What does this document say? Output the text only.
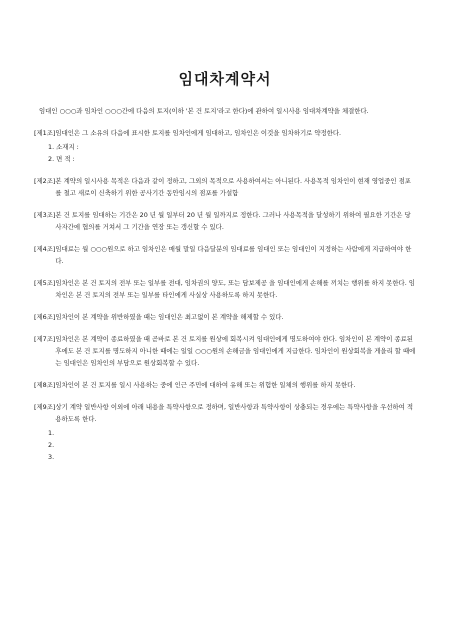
임대차계약서
임대인 ○○○과 임차인 ○○○간에 다음의 토지(이하 '본 건 토지'라고 한다)에 관하여 일시사용 임대차계약을 체결한다.
[제1조] 임대인은 그 소유의 다음에 표시한 토지를 임차인에게 임대하고, 임차인은 이것을 임차하기로 약정한다.
1. 소재지 :
2. 면 적 :
[제2조] 본 계약의 일시사용 목적은 다음과 같이 정하고, 그외의 목적으로 사용하여서는 아니된다. 사용목적 임차인이 현재 영업중인 점포를 철고 새로이 신축하기 위한 공사기간 동안임시의 점포를 가설함
[제3조] 본 건 토지를 임대하는 기간은 20 년 월 일부터 20 년 월 일까지로 정한다. 그러나 사용목적을 달성하기 위하여 필요한 기간은 당사자간에 협의를 거쳐서 그 기간을 연장 또는 갱신할 수 있다.
[제4조] 임대료는 월 ○○○원으로 하고 임차인은 매월 말일 다음달분의 임대료를 임대인 또는 임대인이 지정하는 사람에게 지급하여야 한다.
[제5조] 임차인은 본 건 토지의 전부 또는 일부를 전대, 임차권의 양도, 또는 담보제공 을 임대인에게 손해를 끼치는 행위를 하지 못한다. 임차인은 본 건 토지의 전부 또는 일부를 타인에게 사실상 사용하도록 하지 못한다.
[제6조] 임차인이 본 계약을 위반하였을 때는 임대인은 최고없이 본 계약을 해제할 수 있다.
[제7조] 임차인은 본 계약이 종료하였을 때 곧바로 본 건 토지를 원상에 회복시켜 임대인에게 명도하여야 한다. 임차인이 본 계약이 종료된 후에도 본 건 토지를 명도하지 아니한 때에는 일일 ○○○원의 손해금을 임대인에게 지급한다. 임차인이 원상회복을 게을리 할 때에는 임대인은 임차인의 부담으로 원상회복할 수 있다.
[제8조] 임차인이 본 건 토지를 일시 사용하는 중에 인근 주민에 대하여 유해 또는 위험한 일체의 행위를 하지 못한다.
[제9조] 상기 계약 일반사항 이외에 아래 내용을 특약사항으로 정하며, 일반사항과 특약사항이 상충되는 경우에는 특약사항을 우선하여 적용하도록 한다.
1.
2.
3.
